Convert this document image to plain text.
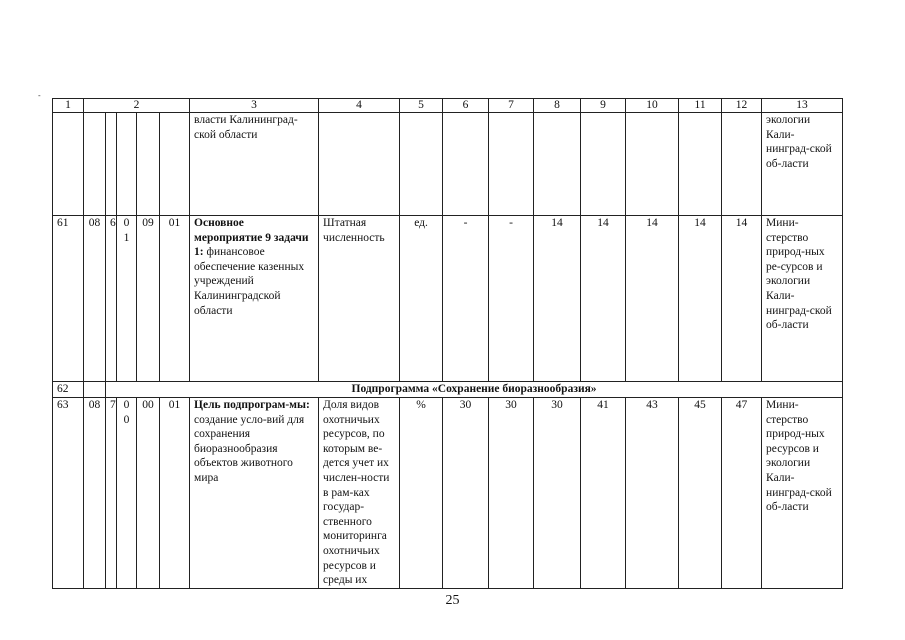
-
1	2					3	4	5	6	7	8	9	10	11	12	13
						власти Калининград-ской области										экологии Кали-нинград-ской об-ласти
61	08	6	01	09	01	Основное мероприятие 9 задачи 1: финансовое обеспечение казенных учреждений Калининградской области	Штатная численность	ед.	-	-	14	14	14	14	14	Мини-стерство природ-ных ре-сурсов и экологии Кали-нинград-ской об-ласти
62		Подпрограмма «Сохранение биоразнообразия»														
63	08	7	00	00	01	Цель подпрограм-мы: создание усло-вий для сохранения биоразнообразия объектов животного мира	Доля видов охотничьих ресурсов, по которым ве-дется учет их числен-ности в рам-ках государ-ственного мониторинга охотничьих ресурсов и среды их	%	30	30	30	41	43	45	47	Мини-стерство природ-ных ресурсов и экологии Кали-нинград-ской об-ласти
25
